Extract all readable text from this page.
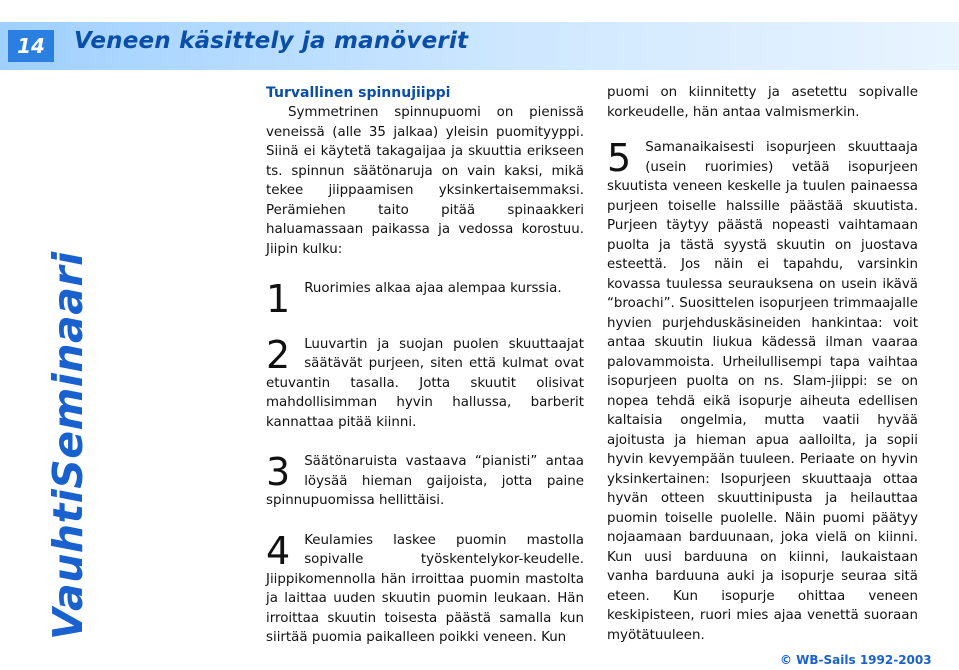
14	Veneen käsittely ja manöverit
VauhtiSeminaari
Turvallinen spinnujiippi

Symmetrinen spinnupuomi on pienissä veneissä (alle 35 jalkaa) yleisin puomityyppi. Siinä ei käytetä takagaijaa ja skuuttia erikseen ts. spinnun säätönaruja on vain kaksi, mikä tekee jiippaamisen yksinkertaisemmaksi. Perämiehen taito pitää spinaakkeri haluamassaan paikassa ja vedossa korostuu. Jiipin kulku:

1	Ruorimies alkaa ajaa alempaa kurssia.

2	Luuvartin ja suojan puolen skuuttaajat säätävät purjeen, siten että kulmat ovat etuvantin tasalla. Jotta skuutit olisivat mahdollisimman hyvin hallussa, barberit kannattaa pitää kiinni.

3	Säätönaruista vastaava “pianisti” antaa löysää hieman gaijoista, jotta paine spinnupuomissa hellittäisi.

4	Keulamies laskee puomin mastolla sopivalle työskentelykor-keudelle. Jiippikomennolla hän irroittaa puomin mastolta ja laittaa uuden skuutin puomin leukaan. Hän irroittaa skuutin toisesta päästä samalla kun siirtää puomia paikalleen poikki veneen. Kun

puomi on kiinnitetty ja asetettu sopivalle korkeudelle, hän antaa valmismerkin.

5	Samanaikaisesti isopurjeen skuuttaaja (usein ruorimies) vetää isopurjeen skuutista veneen keskelle ja tuulen painaessa purjeen toiselle halssille päästää skuutista. Purjeen täytyy päästä nopeasti vaihtamaan puolta ja tästä syystä skuutin on juostava esteettä. Jos näin ei tapahdu, varsinkin kovassa tuulessa seurauksena on usein ikävä “broachi”. Suosittelen isopurjeen trimmaajalle hyvien purjehduskäsineiden hankintaa: voit antaa skuutin liukua kädessä ilman vaaraa palovammoista. Urheilullisempi tapa vaihtaa isopurjeen puolta on ns. Slam-jiippi: se on nopea tehdä eikä isopurje aiheuta edellisen kaltaisia ongelmia, mutta vaatii hyvää ajoitusta ja hieman apua aalloilta, ja sopii hyvin kevyempään tuuleen. Periaate on hyvin yksinkertainen: Isopurjeen skuuttaaja ottaa hyvän otteen skuuttinipusta ja heilauttaa puomin toiselle puolelle. Näin puomi päätyy nojaamaan barduunaan, joka vielä on kiinni. Kun uusi barduuna on kiinni, laukaistaan vanha barduuna auki ja isopurje seuraa sitä eteen. Kun isopurje ohittaa veneen keskipisteen, ruori mies ajaa venettä suoraan myötätuuleen.

© WB-Sails 1992-2003
